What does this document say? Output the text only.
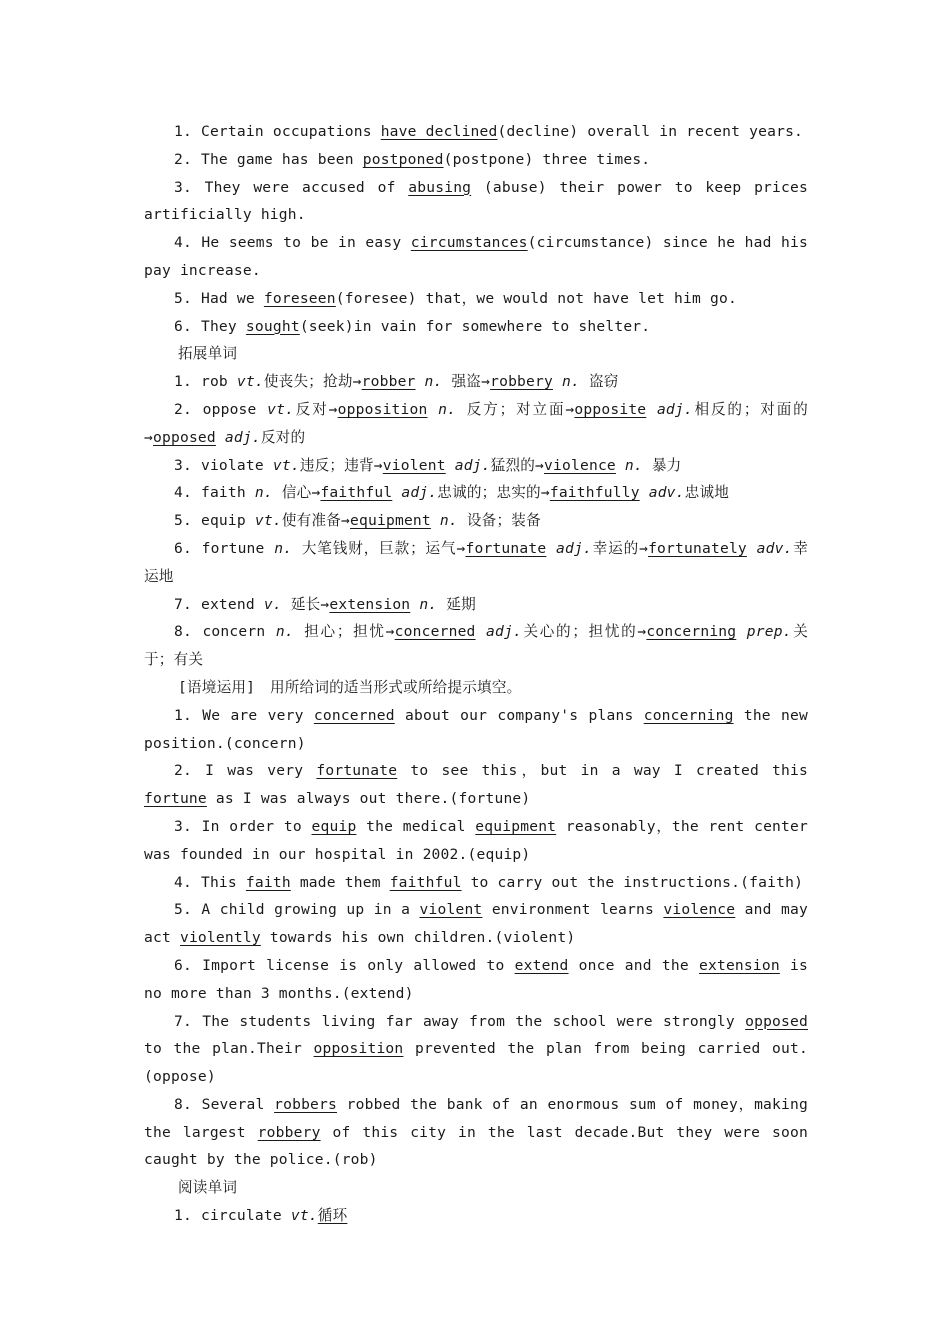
1. Certain occupations have declined(decline) overall in recent years.

2. The game has been postponed(postpone) three times.

3. They were accused of abusing (abuse) their power to keep prices artificially high.

4. He seems to be in easy circumstances(circumstance) since he had his pay increase.

5. Had we foreseen(foresee) that，we would not have let him go.

6. They sought(seek)in vain for somewhere to shelter.

拓展单词

1. rob vt.使丧失；抢劫→robber n. 强盗→robbery n. 盗窃

2. oppose vt.反对→opposition n. 反方；对立面→opposite adj.相反的；对面的→opposed adj.反对的

3. violate vt.违反；违背→violent adj.猛烈的→violence n. 暴力

4. faith n. 信心→faithful adj.忠诚的；忠实的→faithfully adv.忠诚地

5. equip vt.使有准备→equipment n. 设备；装备

6. fortune n. 大笔钱财，巨款；运气→fortunate adj.幸运的→fortunately adv.幸运地

7. extend v. 延长→extension n. 延期

8. concern n. 担心；担忧→concerned adj.关心的；担忧的→concerning prep.关于；有关

[语境运用]　用所给词的适当形式或所给提示填空。

1. We are very concerned about our company's plans concerning the new position.(concern)

2. I was very fortunate to see this，but in a way I created this fortune as I was always out there.(fortune)

3. In order to equip the medical equipment reasonably，the rent center was founded in our hospital in 2002.(equip)

4. This faith made them faithful to carry out the instructions.(faith)

5. A child growing up in a violent environment learns violence and may act violently towards his own children.(violent)

6. Import license is only allowed to extend once and the extension is no more than 3 months.(extend)

7. The students living far away from the school were strongly opposed to the plan.Their opposition prevented the plan from being carried out.(oppose)

8. Several robbers robbed the bank of an enormous sum of money，making the largest robbery of this city in the last decade.But they were soon caught by the police.(rob)

阅读单词

1. circulate vt.循环
